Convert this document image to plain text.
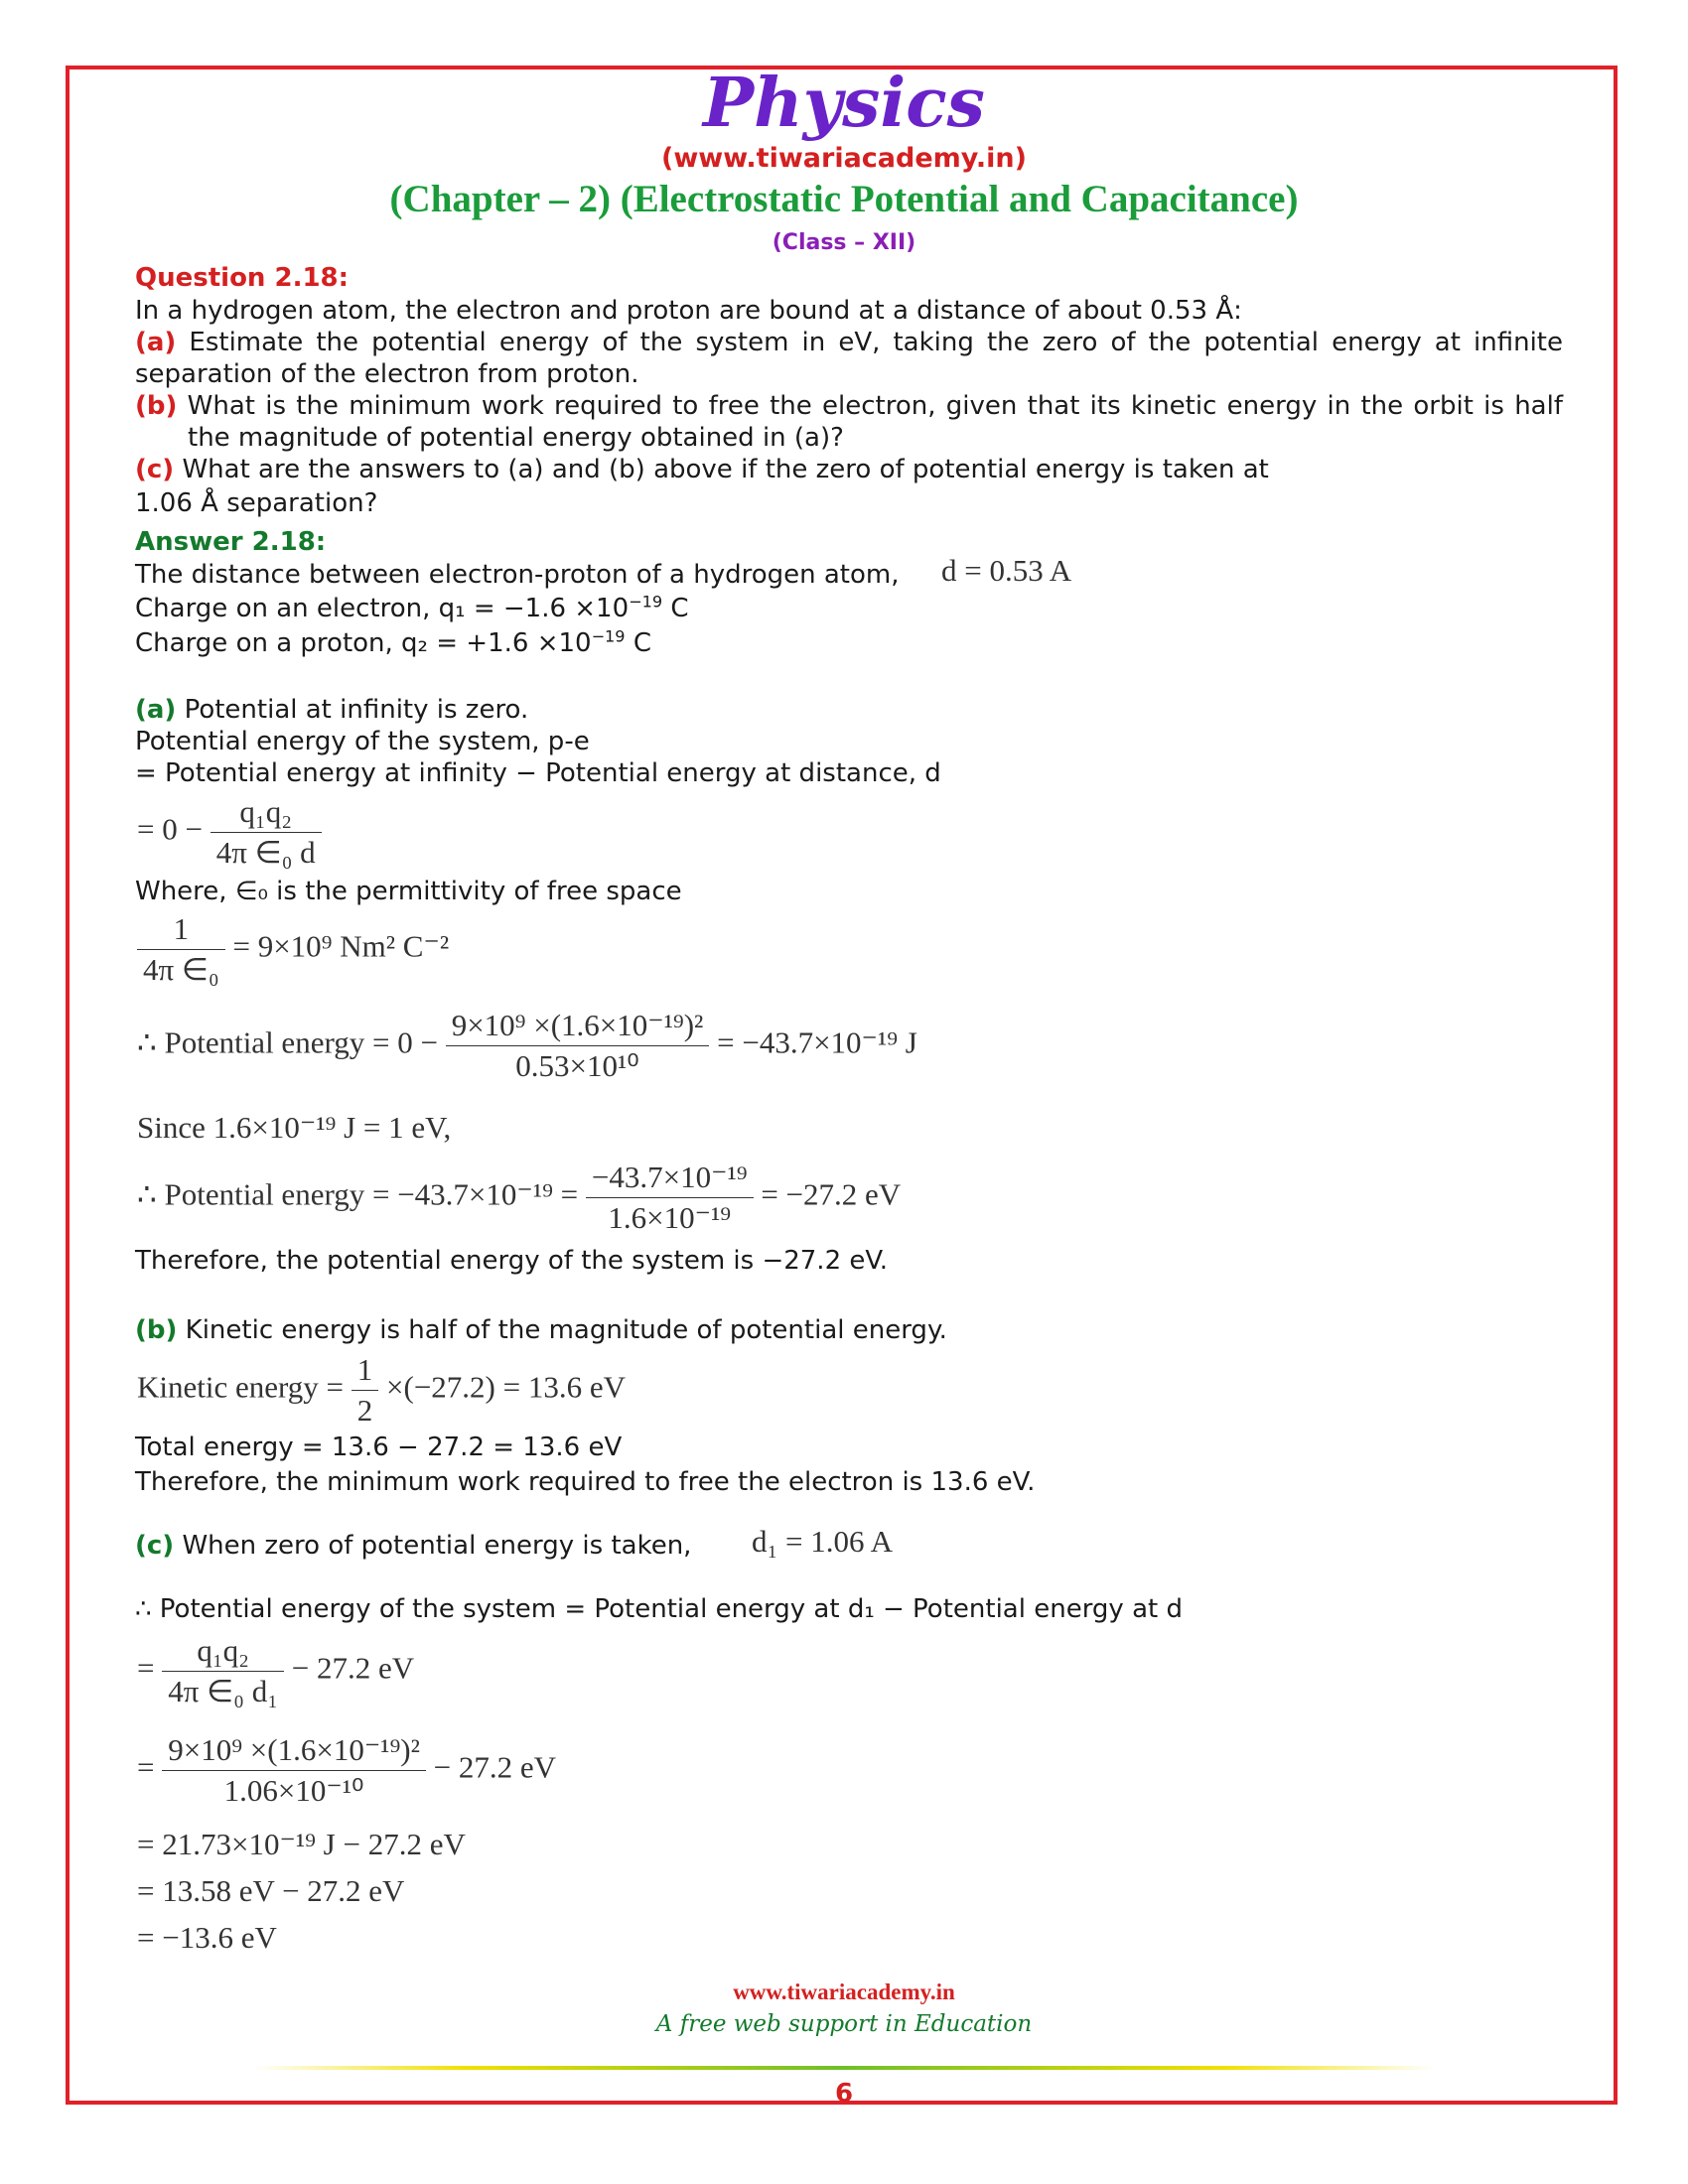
Physics
(www.tiwariacademy.in)
(Chapter – 2) (Electrostatic Potential and Capacitance)
(Class – XII)
Question 2.18:
In a hydrogen atom, the electron and proton are bound at a distance of about 0.53 Å:
(a) Estimate the potential energy of the system in eV, taking the zero of the potential energy at infinite
separation of the electron from proton.
(b) What is the minimum work required to free the electron, given that its kinetic energy in the orbit is half
the magnitude of potential energy obtained in (a)?
(c) What are the answers to (a) and (b) above if the zero of potential energy is taken at
1.06 Å separation?
Answer 2.18:
The distance between electron-proton of a hydrogen atom, d = 0.53 A
Charge on an electron, $q_1 = -1.6 \times 10^{-19}$ C
Charge on a proton, $q_2 = +1.6 \times 10^{-19}$ C
(a) Potential at infinity is zero.
Potential energy of the system, p-e
= Potential energy at infinity − Potential energy at distance, d
= $0 - \frac{\text{q₁q₂}}{\text{4π ∈₀ d}}$
Where, ∈₀ is the permittivity of free space
$\frac{1}{\text{4π ∈₀}} = 9\times 10^9$ Nm² C⁻²
∴ Potential energy = $0 - \frac{\text{9×10⁹ ×(1.6×10⁻¹⁹)²}}{\text{0.53×10¹⁰}} = -43.7\times 10^{-19}$ J
Since 1.6×10⁻¹⁹ J = 1 eV,
∴ Potential energy = $-43.7\times 10^{-19} = \frac{\text{−43.7×10⁻¹⁹}}{\text{1.6×10⁻¹⁹}} = -27.2$ eV
Therefore, the potential energy of the system is −27.2 eV.
(b) Kinetic energy is half of the magnitude of potential energy.
Kinetic energy = $\frac{1}{2} \times(-27.2) = 13.6$ eV
Total energy = 13.6 − 27.2 = 13.6 eV
Therefore, the minimum work required to free the electron is 13.6 eV.
(c) When zero of potential energy is taken, d₁ = 1.06 A
∴ Potential energy of the system = Potential energy at d₁ − Potential energy at d
= $\frac{\text{q₁q₂}}{\text{4π ∈₀ d₁}} - 27.2$ eV
= $\frac{\text{9×10⁹ ×(1.6×10⁻¹⁹)²}}{\text{1.06×10⁻¹⁰}} - 27.2$ eV
= 21.73×10⁻¹⁹ J − 27.2 eV
= 13.58 eV − 27.2 eV
= −13.6 eV
www.tiwariacademy.in
A free web support in Education
6
